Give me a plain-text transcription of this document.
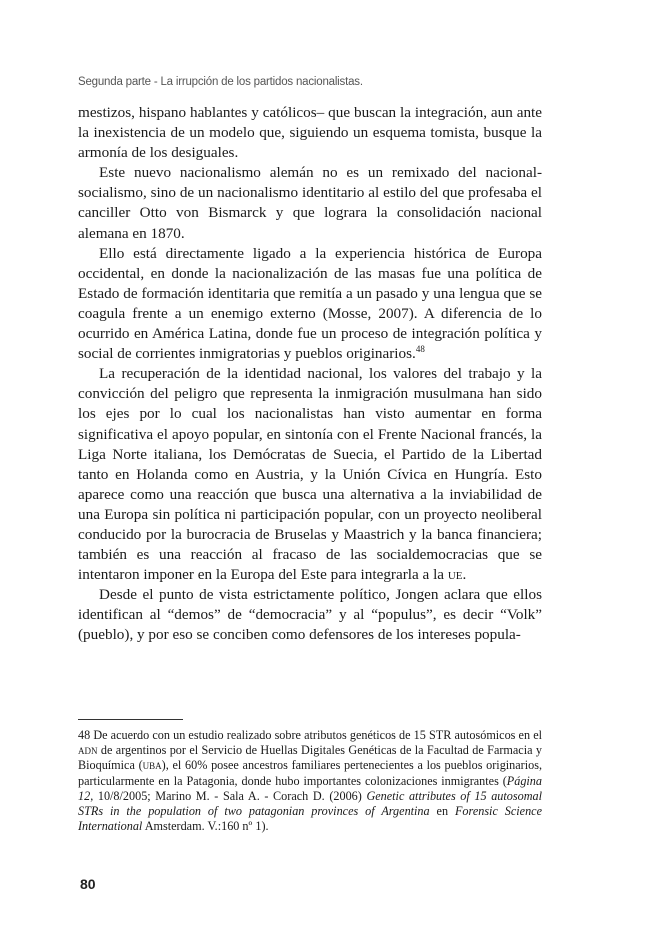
Segunda parte - La irrupción de los partidos nacionalistas.

mestizos, hispano hablantes y católicos– que buscan la integración, aun ante la inexistencia de un modelo que, siguiendo un esquema tomista, busque la armonía de los desiguales.

Este nuevo nacionalismo alemán no es un remixado del nacional-socialismo, sino de un nacionalismo identitario al estilo del que profesaba el canciller Otto von Bismarck y que lograra la consolidación nacional alemana en 1870.

Ello está directamente ligado a la experiencia histórica de Europa occidental, en donde la nacionalización de las masas fue una política de Estado de formación identitaria que remitía a un pasado y una lengua que se coagula frente a un enemigo externo (Mosse, 2007). A diferencia de lo ocurrido en América Latina, donde fue un proceso de integración política y social de corrientes inmigratorias y pueblos originarios.$^{48}$

La recuperación de la identidad nacional, los valores del trabajo y la convicción del peligro que representa la inmigración musulmana han sido los ejes por lo cual los nacionalistas han visto aumentar en forma significativa el apoyo popular, en sintonía con el Frente Nacional francés, la Liga Norte italiana, los Demócratas de Suecia, el Partido de la Libertad tanto en Holanda como en Austria, y la Unión Cívica en Hungría. Esto aparece como una reacción que busca una alternativa a la inviabilidad de una Europa sin política ni participación popular, con un proyecto neoliberal conducido por la burocracia de Bruselas y Maastrich y la banca financiera; también es una reacción al fracaso de las socialdemocracias que se intentaron imponer en la Europa del Este para integrarla a la ue.

Desde el punto de vista estrictamente político, Jongen aclara que ellos identifican al “demos” de “democracia” y al “populus”, es decir “Volk” (pueblo), y por eso se conciben como defensores de los intereses popula-

48 De acuerdo con un estudio realizado sobre atributos genéticos de 15 STR autosómicos en el adn de argentinos por el Servicio de Huellas Digitales Genéticas de la Facultad de Farmacia y Bioquímica (uba), el 60% posee ancestros familiares pertenecientes a los pueblos originarios, particularmente en la Patagonia, donde hubo importantes colonizaciones inmigrantes (Página 12, 10/8/2005; Marino M. - Sala A. - Corach D. (2006) Genetic attributes of 15 autosomal STRs in the population of two patagonian provinces of Argentina en Forensic Science International Amsterdam. V.:160 nº 1).
80
